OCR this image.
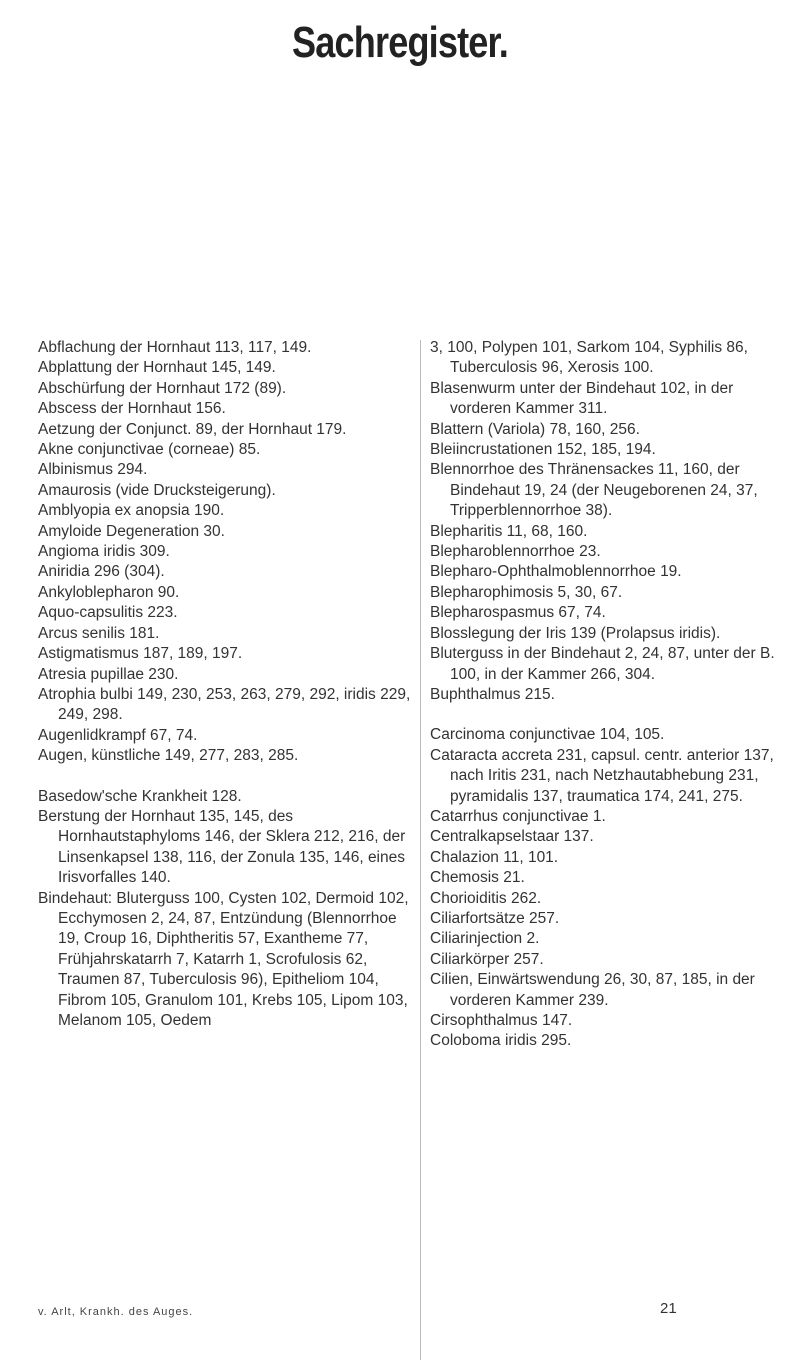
Sachregister.

Abflachung der Hornhaut 113, 117, 149.

Abplattung der Hornhaut 145, 149.

Abschürfung der Hornhaut 172 (89).

Abscess der Hornhaut 156.

Aetzung der Conjunct. 89, der Hornhaut 179.

Akne conjunctivae (corneae) 85.

Albinismus 294.

Amaurosis (vide Drucksteigerung).

Amblyopia ex anopsia 190.

Amyloide Degeneration 30.

Angioma iridis 309.

Aniridia 296 (304).

Ankyloblepharon 90.

Aquo-capsulitis 223.

Arcus senilis 181.

Astigmatismus 187, 189, 197.

Atresia pupillae 230.

Atrophia bulbi 149, 230, 253, 263, 279, 292, iridis 229, 249, 298.

Augenlidkrampf 67, 74.

Augen, künstliche 149, 277, 283, 285.

Basedow'sche Krankheit 128.

Berstung der Hornhaut 135, 145, des Hornhautstaphyloms 146, der Sklera 212, 216, der Linsenkapsel 138, 116, der Zonula 135, 146, eines Irisvorfalles 140.

Bindehaut: Bluterguss 100, Cysten 102, Dermoid 102, Ecchymosen 2, 24, 87, Entzündung (Blennorrhoe 19, Croup 16, Diphtheritis 57, Exantheme 77, Frühjahrskatarrh 7, Katarrh 1, Scrofulosis 62, Traumen 87, Tuberculosis 96), Epitheliom 104, Fibrom 105, Granulom 101, Krebs 105, Lipom 103, Melanom 105, Oedem

3, 100, Polypen 101, Sarkom 104, Syphilis 86, Tuberculosis 96, Xerosis 100.

Blasenwurm unter der Bindehaut 102, in der vorderen Kammer 311.

Blattern (Variola) 78, 160, 256.

Bleiincrustationen 152, 185, 194.

Blennorrhoe des Thränensackes 11, 160, der Bindehaut 19, 24 (der Neugeborenen 24, 37, Tripperblennorrhoe 38).

Blepharitis 11, 68, 160.

Blepharoblennorrhoe 23.

Blepharo-Ophthalmoblennorrhoe 19.

Blepharophimosis 5, 30, 67.

Blepharospasmus 67, 74.

Blosslegung der Iris 139 (Prolapsus iridis).

Bluterguss in der Bindehaut 2, 24, 87, unter der B. 100, in der Kammer 266, 304.

Buphthalmus 215.

Carcinoma conjunctivae 104, 105.

Cataracta accreta 231, capsul. centr. anterior 137, nach Iritis 231, nach Netzhautabhebung 231, pyramidalis 137, traumatica 174, 241, 275.

Catarrhus conjunctivae 1.

Centralkapselstaar 137.

Chalazion 11, 101.

Chemosis 21.

Chorioiditis 262.

Ciliarfortsätze 257.

Ciliarinjection 2.

Ciliarkörper 257.

Cilien, Einwärtswendung 26, 30, 87, 185, in der vorderen Kammer 239.

Cirsophthalmus 147.

Coloboma iridis 295.

v. Arlt, Krankh. des Auges.	21
